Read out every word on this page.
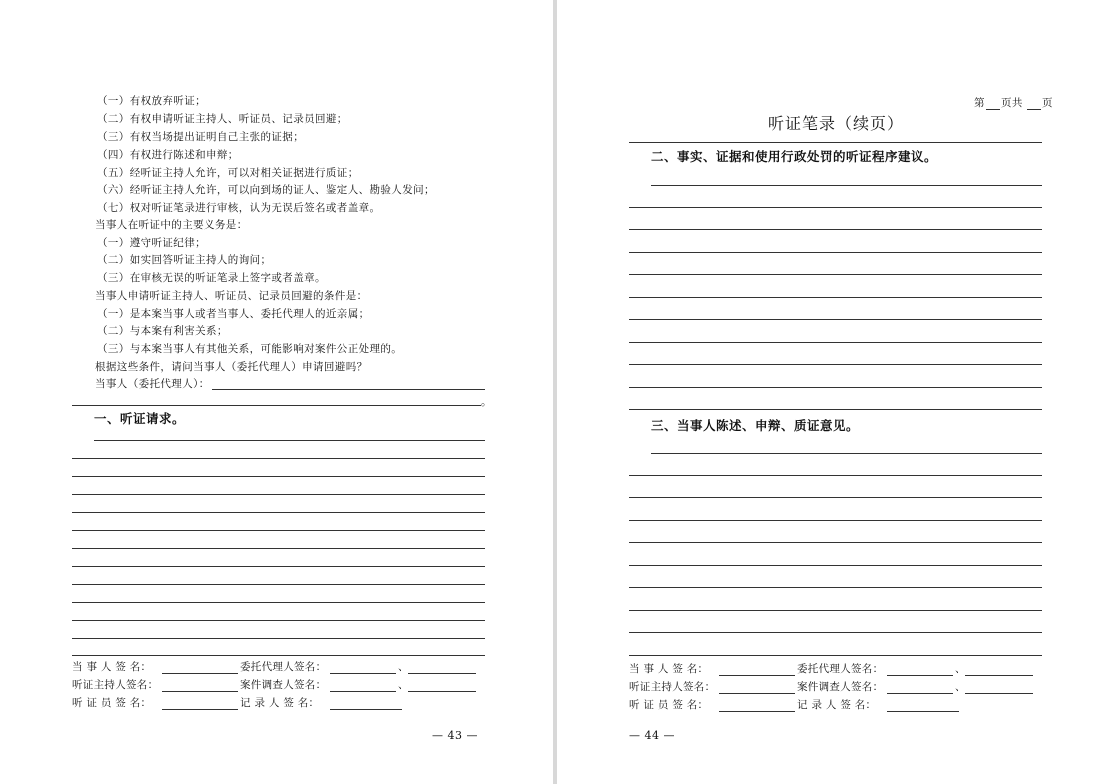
（一）有权放弃听证；
（二）有权申请听证主持人、听证员、记录员回避；
（三）有权当场提出证明自己主张的证据；
（四）有权进行陈述和申辩；
（五）经听证主持人允许，可以对相关证据进行质证；
（六）经听证主持人允许，可以向到场的证人、鉴定人、勘验人发问；
（七）权对听证笔录进行审核，认为无误后签名或者盖章。
当事人在听证中的主要义务是：
（一）遵守听证纪律；
（二）如实回答听证主持人的询问；
（三）在审核无误的听证笔录上签字或者盖章。
当事人申请听证主持人、听证员、记录员回避的条件是：
（一）是本案当事人或者当事人、委托代理人的近亲属；
（二）与本案有利害关系；
（三）与本案当事人有其他关系，可能影响对案件公正处理的。
根据这些条件，请问当事人（委托代理人）申请回避吗？
当事人（委托代理人）：
。
一、听证请求。
当 事 人 签 名：	委托代理人签名：	、
听证主持人签名：	案件调查人签名：	、
听 证 员 签 名：	记 录 人 签 名：
— 43 —
第 页共 页
听证笔录（续页）
二、事实、证据和使用行政处罚的听证程序建议。
三、当事人陈述、申辩、质证意见。
当 事 人 签 名：	委托代理人签名：	、
听证主持人签名：	案件调查人签名：	、
听 证 员 签 名：	记 录 人 签 名：
— 44 —
